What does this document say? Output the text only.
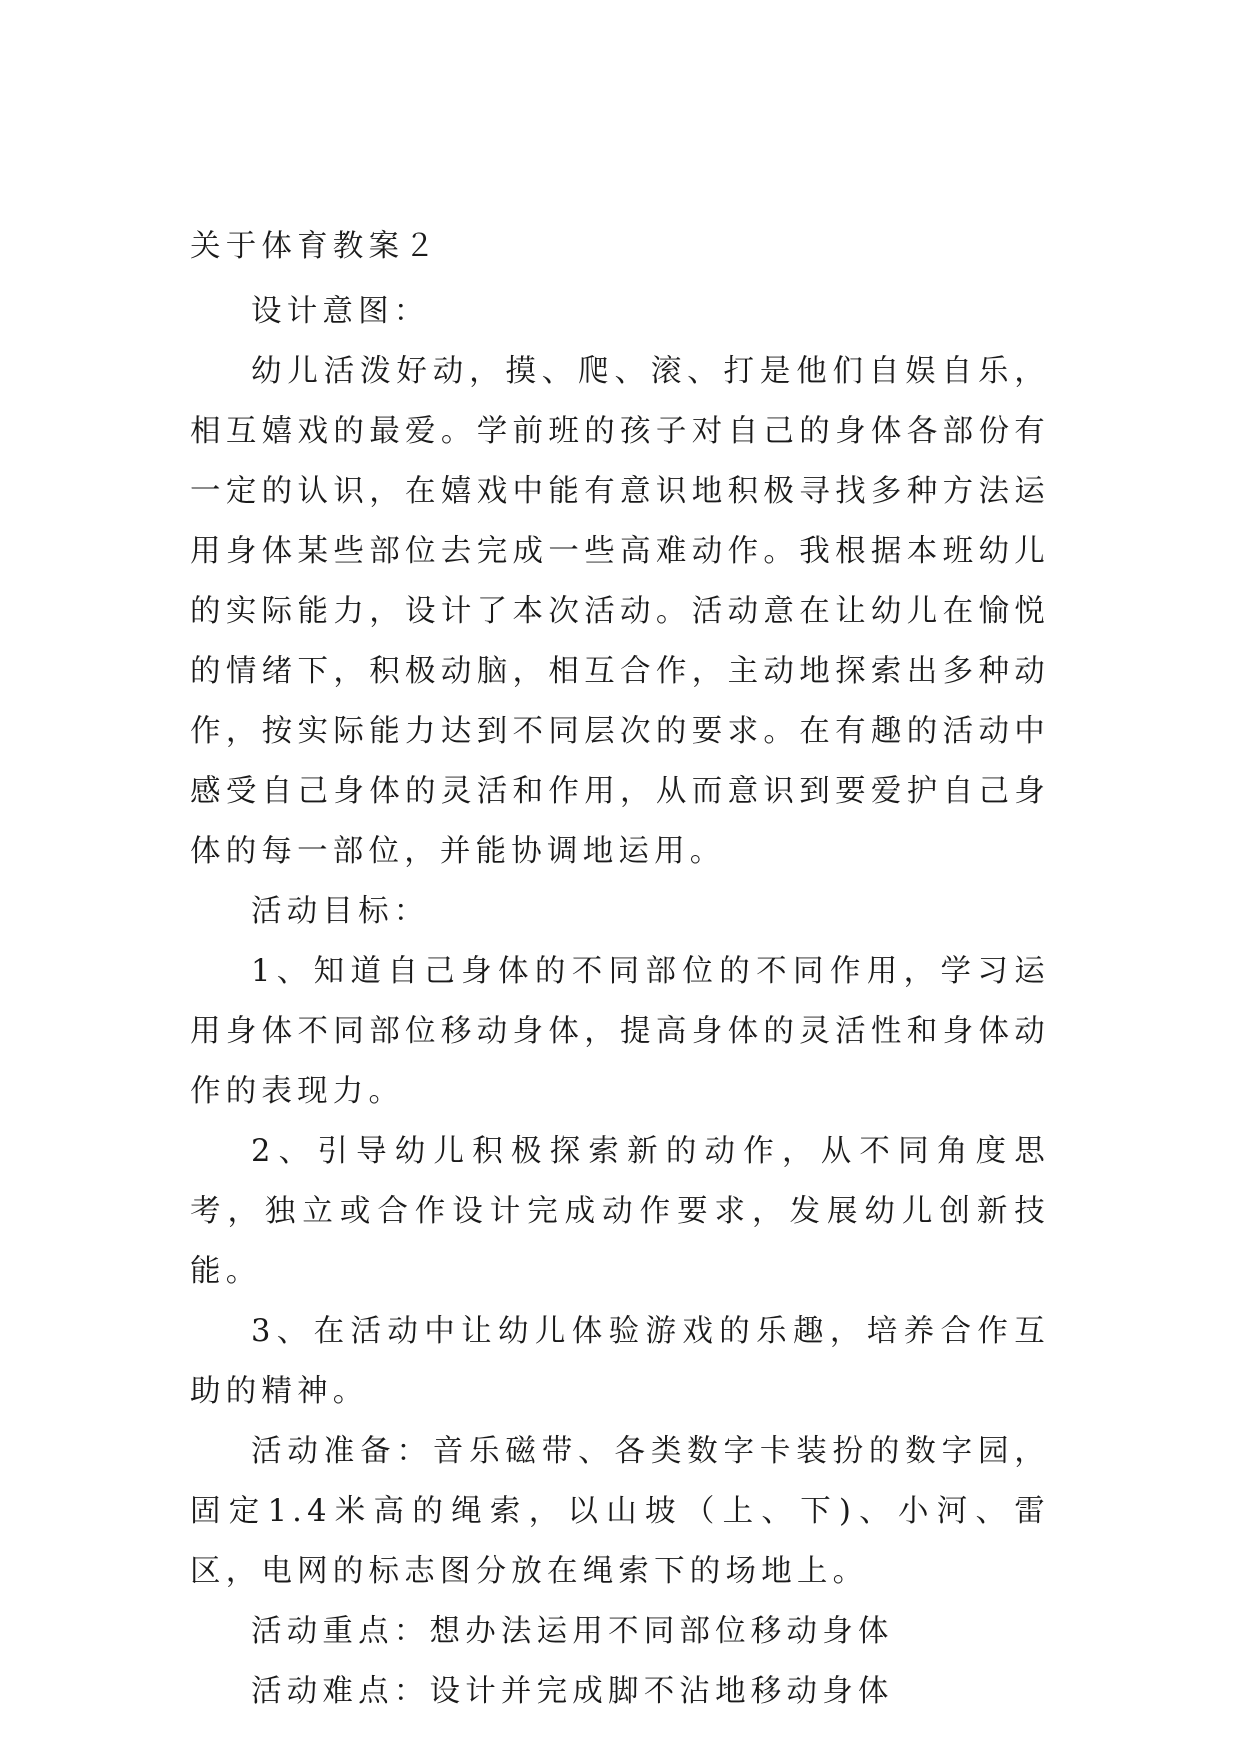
关于体育教案２

设计意图：

幼儿活泼好动，摸、爬、滚、打是他们自娱自乐，相互嬉戏的最爱。学前班的孩子对自己的身体各部份有一定的认识，在嬉戏中能有意识地积极寻找多种方法运用身体某些部位去完成一些高难动作。我根据本班幼儿的实际能力，设计了本次活动。活动意在让幼儿在愉悦的情绪下，积极动脑，相互合作，主动地探索出多种动作，按实际能力达到不同层次的要求。在有趣的活动中感受自己身体的灵活和作用，从而意识到要爱护自己身体的每一部位，并能协调地运用。

活动目标：

1、知道自己身体的不同部位的不同作用，学习运用身体不同部位移动身体，提高身体的灵活性和身体动作的表现力。

2、引导幼儿积极探索新的动作，从不同角度思考，独立或合作设计完成动作要求，发展幼儿创新技能。

3、在活动中让幼儿体验游戏的乐趣，培养合作互助的精神。

活动准备：音乐磁带、各类数字卡装扮的数字园，固定1.4米高的绳索，以山坡（上、下)、小河、雷区，电网的标志图分放在绳索下的场地上。

活动重点：想办法运用不同部位移动身体

活动难点：设计并完成脚不沾地移动身体
